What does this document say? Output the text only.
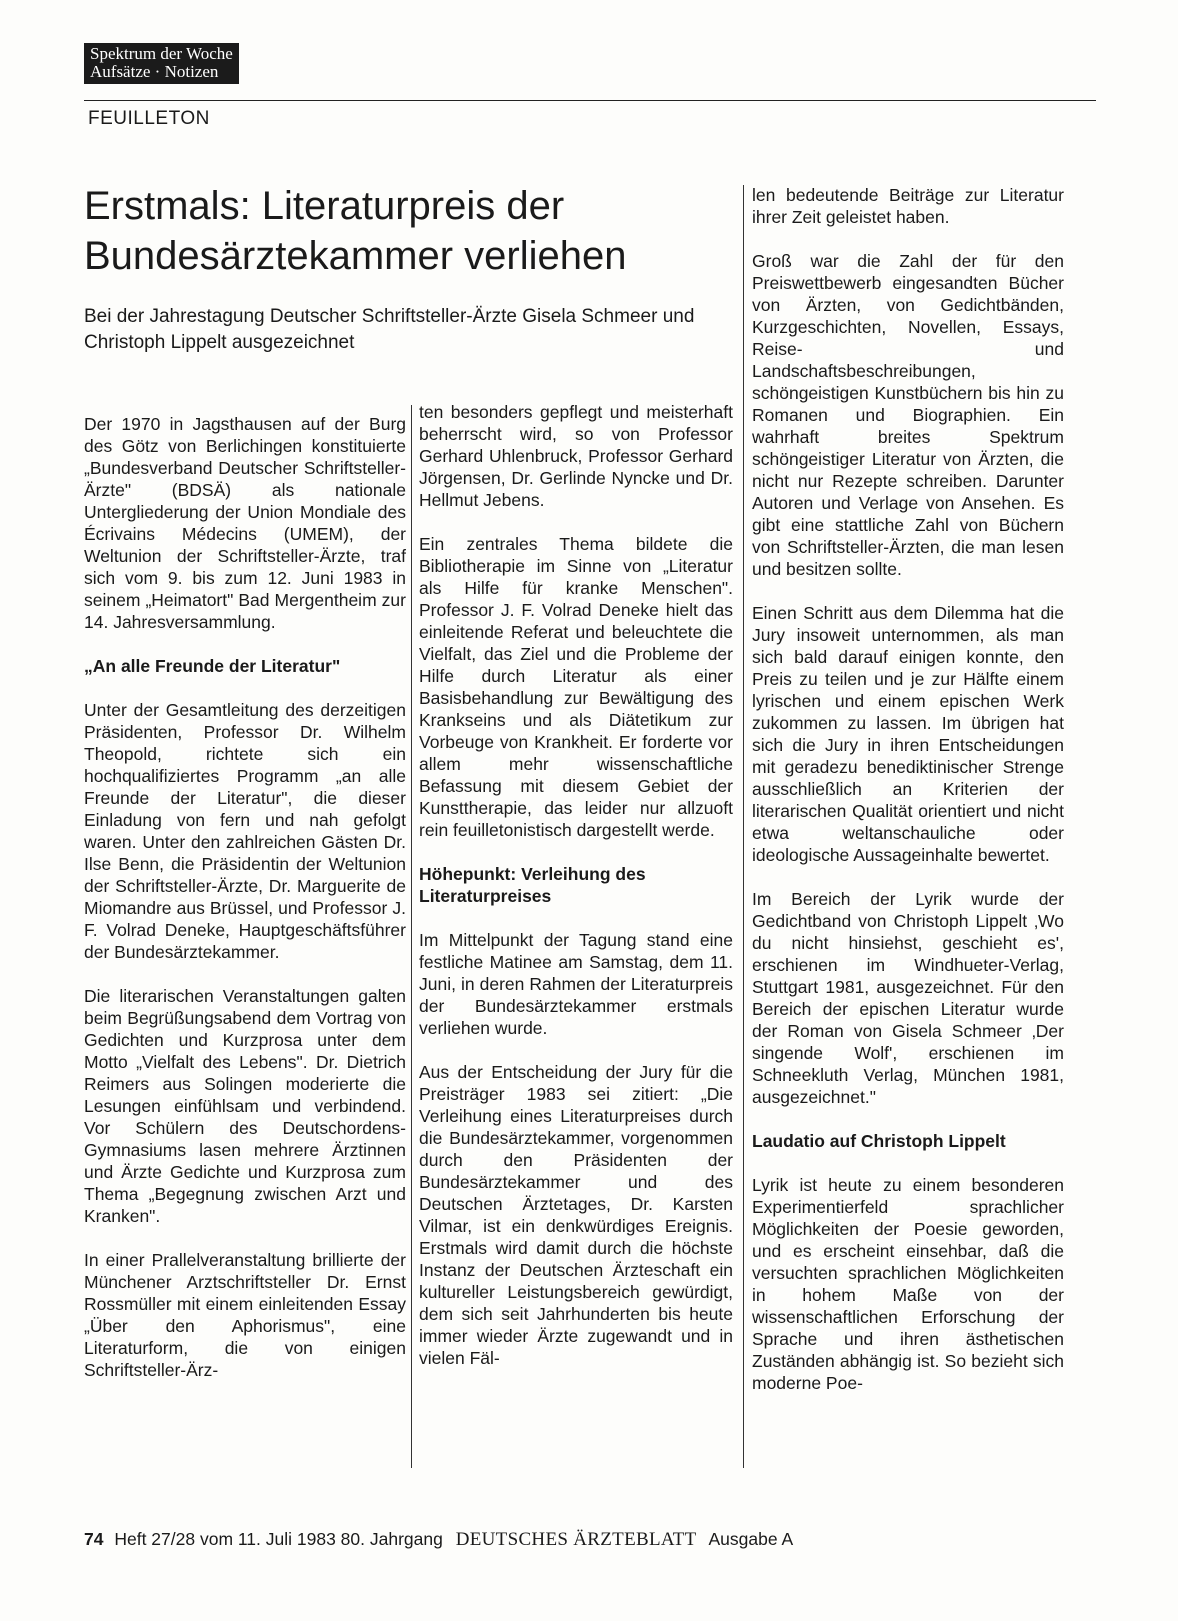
Spektrum der Woche
Aufsätze · Notizen
FEUILLETON
Erstmals: Literaturpreis der Bundesärztekammer verliehen

Bei der Jahrestagung Deutscher Schriftsteller-Ärzte Gisela Schmeer und Christoph Lippelt ausgezeichnet

Der 1970 in Jagsthausen auf der Burg des Götz von Berlichingen konstituierte „Bundesverband Deutscher Schriftsteller-Ärzte" (BDSÄ) als nationale Untergliederung der Union Mondiale des Écrivains Médecins (UMEM), der Weltunion der Schriftsteller-Ärzte, traf sich vom 9. bis zum 12. Juni 1983 in seinem „Heimatort" Bad Mergentheim zur 14. Jahresversammlung.

„An alle Freunde der Literatur"

Unter der Gesamtleitung des derzeitigen Präsidenten, Professor Dr. Wilhelm Theopold, richtete sich ein hochqualifiziertes Programm „an alle Freunde der Literatur", die dieser Einladung von fern und nah gefolgt waren. Unter den zahlreichen Gästen Dr. Ilse Benn, die Präsidentin der Weltunion der Schriftsteller-Ärzte, Dr. Marguerite de Miomandre aus Brüssel, und Professor J. F. Volrad Deneke, Hauptgeschäftsführer der Bundesärztekammer.

Die literarischen Veranstaltungen galten beim Begrüßungsabend dem Vortrag von Gedichten und Kurzprosa unter dem Motto „Vielfalt des Lebens". Dr. Dietrich Reimers aus Solingen moderierte die Lesungen einfühlsam und verbindend. Vor Schülern des Deutschordens-Gymnasiums lasen mehrere Ärztinnen und Ärzte Gedichte und Kurzprosa zum Thema „Begegnung zwischen Arzt und Kranken".

In einer Prallelveranstaltung brillierte der Münchener Arztschriftsteller Dr. Ernst Rossmüller mit einem einleitenden Essay „Über den Aphorismus", eine Literaturform, die von einigen Schriftsteller-Ärz-

ten besonders gepflegt und meisterhaft beherrscht wird, so von Professor Gerhard Uhlenbruck, Professor Gerhard Jörgensen, Dr. Gerlinde Nyncke und Dr. Hellmut Jebens.

Ein zentrales Thema bildete die Bibliotherapie im Sinne von „Literatur als Hilfe für kranke Menschen". Professor J. F. Volrad Deneke hielt das einleitende Referat und beleuchtete die Vielfalt, das Ziel und die Probleme der Hilfe durch Literatur als einer Basisbehandlung zur Bewältigung des Krankseins und als Diätetikum zur Vorbeuge von Krankheit. Er forderte vor allem mehr wissenschaftliche Befassung mit diesem Gebiet der Kunsttherapie, das leider nur allzuoft rein feuilletonistisch dargestellt werde.

Höhepunkt: Verleihung des Literaturpreises

Im Mittelpunkt der Tagung stand eine festliche Matinee am Samstag, dem 11. Juni, in deren Rahmen der Literaturpreis der Bundesärztekammer erstmals verliehen wurde.

Aus der Entscheidung der Jury für die Preisträger 1983 sei zitiert: „Die Verleihung eines Literaturpreises durch die Bundesärztekammer, vorgenommen durch den Präsidenten der Bundesärztekammer und des Deutschen Ärztetages, Dr. Karsten Vilmar, ist ein denkwürdiges Ereignis. Erstmals wird damit durch die höchste Instanz der Deutschen Ärzteschaft ein kultureller Leistungsbereich gewürdigt, dem sich seit Jahrhunderten bis heute immer wieder Ärzte zugewandt und in vielen Fäl-

len bedeutende Beiträge zur Literatur ihrer Zeit geleistet haben.

Groß war die Zahl der für den Preiswettbewerb eingesandten Bücher von Ärzten, von Gedichtbänden, Kurzgeschichten, Novellen, Essays, Reise- und Landschaftsbeschreibungen, schöngeistigen Kunstbüchern bis hin zu Romanen und Biographien. Ein wahrhaft breites Spektrum schöngeistiger Literatur von Ärzten, die nicht nur Rezepte schreiben. Darunter Autoren und Verlage von Ansehen. Es gibt eine stattliche Zahl von Büchern von Schriftsteller-Ärzten, die man lesen und besitzen sollte.

Einen Schritt aus dem Dilemma hat die Jury insoweit unternommen, als man sich bald darauf einigen konnte, den Preis zu teilen und je zur Hälfte einem lyrischen und einem epischen Werk zukommen zu lassen. Im übrigen hat sich die Jury in ihren Entscheidungen mit geradezu benediktinischer Strenge ausschließlich an Kriterien der literarischen Qualität orientiert und nicht etwa weltanschauliche oder ideologische Aussageinhalte bewertet.

Im Bereich der Lyrik wurde der Gedichtband von Christoph Lippelt ‚Wo du nicht hinsiehst, geschieht es', erschienen im Windhueter-Verlag, Stuttgart 1981, ausgezeichnet. Für den Bereich der epischen Literatur wurde der Roman von Gisela Schmeer ‚Der singende Wolf', erschienen im Schneekluth Verlag, München 1981, ausgezeichnet."

Laudatio auf Christoph Lippelt

Lyrik ist heute zu einem besonderen Experimentierfeld sprachlicher Möglichkeiten der Poesie geworden, und es erscheint einsehbar, daß die versuchten sprachlichen Möglichkeiten in hohem Maße von der wissenschaftlichen Erforschung der Sprache und ihren ästhetischen Zuständen abhängig ist. So bezieht sich moderne Poe-

74 Heft 27/28 vom 11. Juli 1983 80. Jahrgang DEUTSCHES ÄRZTEBLATT Ausgabe A
